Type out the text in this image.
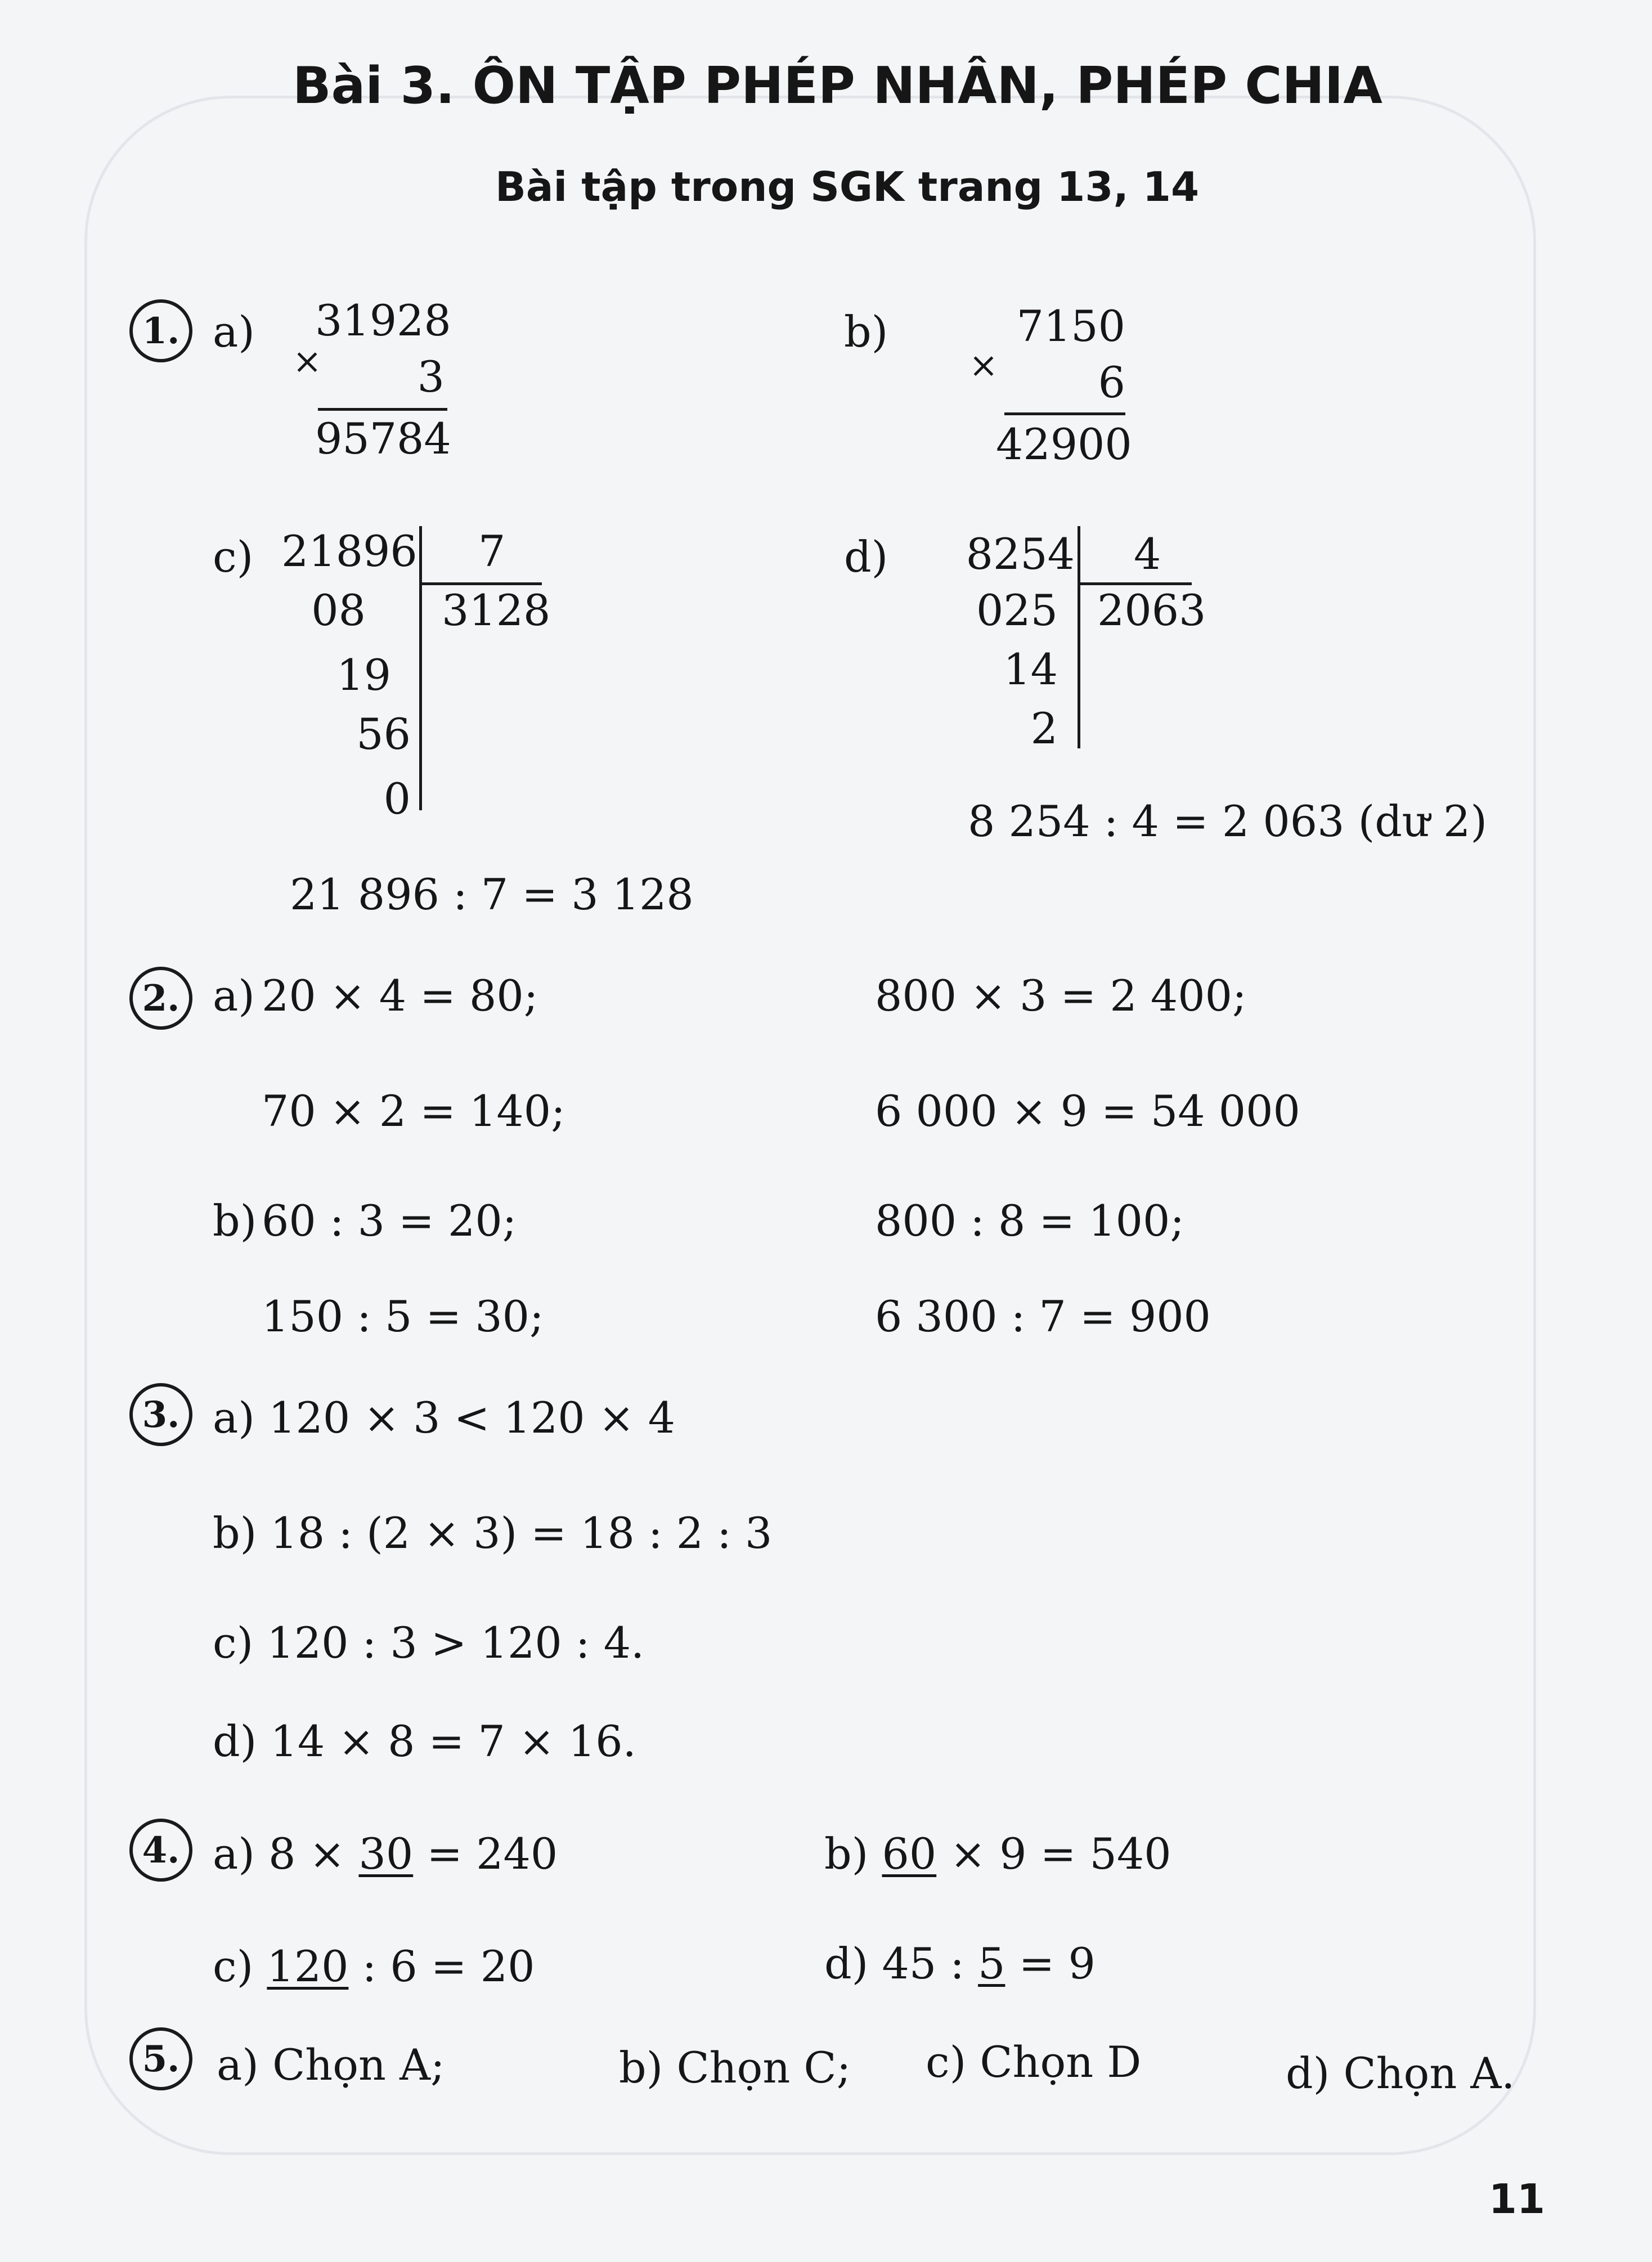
Bài 3. ÔN TẬP PHÉP NHÂN, PHÉP CHIA
Bài tập trong SGK trang 13, 14
1. a) 31928
×	3
95784
b)	7150
×	6
42900
c) 21896 7
3128
08
19
56
0
21 896 : 7 = 3 128
d)	8254 4
2063
025
14
2
8 254 : 4 = 2 063 (dư 2)
2. a) 20 × 4 = 80;	800 × 3 = 2 400;
70 × 2 = 140;	6 000 × 9 = 54 000
b) 60 : 3 = 20;	800 : 8 = 100;
150 : 5 = 30;	6 300 : 7 = 900
3. a) 120 × 3 < 120 × 4
b) 18 : (2 × 3) = 18 : 2 : 3
c) 120 : 3 > 120 : 4.
d) 14 × 8 = 7 × 16.
4. a) 8 × 30 = 240	b) 60 × 9 = 540
c) 120 : 6 = 20	d) 45 : 5 = 9
5. a) Chọn A;	b) Chọn C; c) Chọn D	d) Chọn A.
11
